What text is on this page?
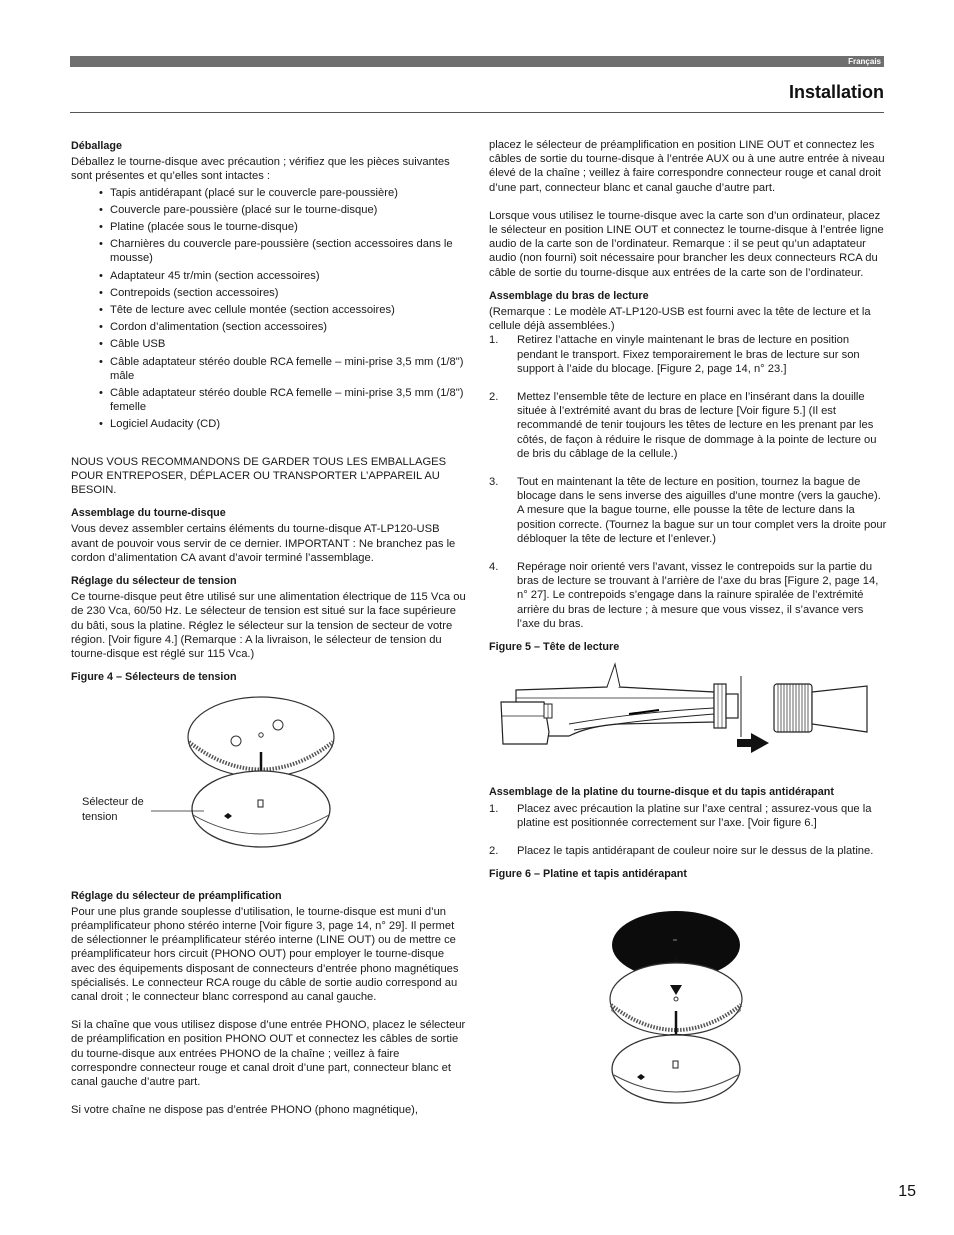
Français
Installation
Déballage

Déballez le tourne-disque avec précaution ; vérifiez que les pièces suivantes sont présentes et qu’elles sont intactes :

• Tapis antidérapant (placé sur le couvercle pare-poussière)
• Couvercle pare-poussière (placé sur le tourne-disque)
• Platine (placée sous le tourne-disque)
• Charnières du couvercle pare-poussière (section accessoires dans le mousse)
• Adaptateur 45 tr/min (section accessoires)
• Contrepoids (section accessoires)
• Tête de lecture avec cellule montée (section accessoires)
• Cordon d’alimentation (section accessoires)
• Câble USB
• Câble adaptateur stéréo double RCA femelle – mini-prise 3,5 mm (1/8") mâle
• Câble adaptateur stéréo double RCA femelle – mini-prise 3,5 mm (1/8") femelle
• Logiciel Audacity (CD)

NOUS VOUS RECOMMANDONS DE GARDER TOUS LES EMBALLAGES POUR ENTREPOSER, DÉPLACER OU TRANSPORTER L’APPAREIL AU BESOIN.

Assemblage du tourne-disque

Vous devez assembler certains éléments du tourne-disque AT-LP120-USB avant de pouvoir vous servir de ce dernier. IMPORTANT : Ne branchez pas le cordon d’alimentation CA avant d’avoir terminé l’assemblage.

Réglage du sélecteur de tension

Ce tourne-disque peut être utilisé sur une alimentation électrique de 115 Vca ou de 230 Vca, 60/50 Hz. Le sélecteur de tension est situé sur la face supérieure du bâti, sous la platine. Réglez le sélecteur sur la tension de secteur de votre région. [Voir figure 4.] (Remarque : A la livraison, le sélecteur de tension du tourne-disque est réglé sur 115 Vca.)

Figure 4 – Sélecteurs de tension
Sélecteur de
tension
Réglage du sélecteur de préamplification

Pour une plus grande souplesse d’utilisation, le tourne-disque est muni d’un préamplificateur phono stéréo interne [Voir figure 3, page 14, n° 29]. Il permet de sélectionner le préamplificateur stéréo interne (LINE OUT) ou de mettre ce préamplificateur hors circuit (PHONO OUT) pour employer le tourne-disque avec des équipements disposant de connecteurs d’entrée phono magnétiques spécialisés. Le connecteur RCA rouge du câble de sortie audio correspond au canal droit ; le connecteur blanc correspond au canal gauche.

Si la chaîne que vous utilisez dispose d’une entrée PHONO, placez le sélecteur de préamplification en position PHONO OUT et connectez les câbles de sortie du tourne-disque aux entrées PHONO de la chaîne ; veillez à faire correspondre connecteur rouge et canal droit d’une part, connecteur blanc et canal gauche d’autre part.

Si votre chaîne ne dispose pas d’entrée PHONO (phono magnétique),

placez le sélecteur de préamplification en position LINE OUT et connectez les câbles de sortie du tourne-disque à l’entrée AUX ou à une autre entrée à niveau élevé de la chaîne ; veillez à faire correspondre connecteur rouge et canal droit d’une part, connecteur blanc et canal gauche d’autre part.

Lorsque vous utilisez le tourne-disque avec la carte son d’un ordinateur, placez le sélecteur en position LINE OUT et connectez le tourne-disque à l’entrée ligne audio de la carte son de l’ordinateur. Remarque : il se peut qu’un adaptateur audio (non fourni) soit nécessaire pour brancher les deux connecteurs RCA du câble de sortie du tourne-disque aux entrées de la carte son de l’ordinateur.

Assemblage du bras de lecture

(Remarque : Le modèle AT-LP120-USB est fourni avec la tête de lecture et la cellule déjà assemblées.)

1. Retirez l’attache en vinyle maintenant le bras de lecture en position pendant le transport. Fixez temporairement le bras de lecture sur son support à l’aide du blocage. [Figure 2, page 14, n° 23.]
2. Mettez l’ensemble tête de lecture en place en l’insérant dans la douille située à l’extrémité avant du bras de lecture [Voir figure 5.] (Il est recommandé de tenir toujours les têtes de lecture en les prenant par les côtés, de façon à réduire le risque de dommage à la pointe de lecture ou de bris du câblage de la cellule.)
3. Tout en maintenant la tête de lecture en position, tournez la bague de blocage dans le sens inverse des aiguilles d’une montre (vers la gauche). A mesure que la bague tourne, elle pousse la tête de lecture dans la position correcte. (Tournez la bague sur un tour complet vers la droite pour débloquer la tête de lecture et l’enlever.)
4. Repérage noir orienté vers l’avant, vissez le contrepoids sur la partie du bras de lecture se trouvant à l’arrière de l’axe du bras [Figure 2, page 14, n° 27]. Le contrepoids s’engage dans la rainure spiralée de l’extrémité arrière du bras de lecture ; à mesure que vous vissez, il s’avance vers l’axe du bras.
Figure 5 – Tête de lecture
Assemblage de la platine du tourne-disque et du tapis antidérapant
1. Placez avec précaution la platine sur l’axe central ; assurez-vous que la platine est positionnée correctement sur l’axe. [Voir figure 6.]
2. Placez le tapis antidérapant de couleur noire sur le dessus de la platine.
Figure 6 – Platine et tapis antidérapant
15
